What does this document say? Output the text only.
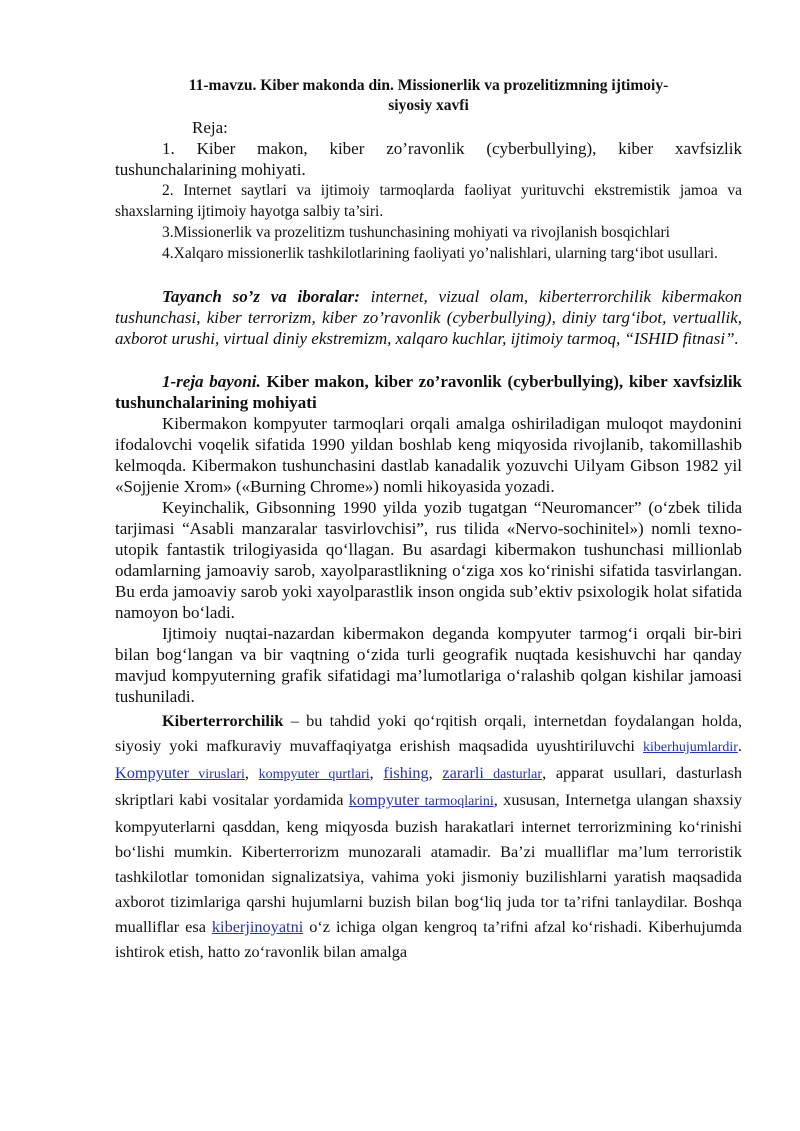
11-mavzu. Kiber makonda din. Missionerlik va prozelitizmning ijtimoiy-
siyosiy xavfi
Reja:

1. Kiber makon, kiber zo’ravonlik (cyberbullying), kiber xavfsizlik tushunchalarining mohiyati.

2. Internet saytlari va ijtimoiy tarmoqlarda faoliyat yurituvchi ekstremistik jamoa va shaxslarning ijtimoiy hayotga salbiy ta’siri.

3.Missionerlik va prozelitizm tushunchasining mohiyati va rivojlanish bosqichlari

4.Xalqaro missionerlik tashkilotlarining faoliyati yo’nalishlari, ularning targ‘ibot usullari.

Tayanch so’z va iboralar: internet, vizual olam, kiberterrorchilik kibermakon tushunchasi, kiber terrorizm, kiber zo’ravonlik (cyberbullying), diniy targ‘ibot, vertuallik, axborot urushi, virtual diniy ekstremizm, xalqaro kuchlar, ijtimoiy tarmoq, “ISHID fitnasi”.

1-reja bayoni. Kiber makon, kiber zo’ravonlik (cyberbullying), kiber xavfsizlik tushunchalarining mohiyati

Kibermakon kompyuter tarmoqlari orqali amalga oshiriladigan muloqot maydonini ifodalovchi voqelik sifatida 1990 yildan boshlab keng miqyosida rivojlanib, takomillashib kelmoqda. Kibermakon tushunchasini dastlab kanadalik yozuvchi Uilyam Gibson 1982 yil «Sojjenie Xrom» («Burning Chrome») nomli hikoyasida yozadi.

Keyinchalik, Gibsonning 1990 yilda yozib tugatgan “Neuromancer” (o‘zbek tilida tarjimasi “Asabli manzaralar tasvirlovchisi”, rus tilida «Nervo-sochinitel») nomli texno-utopik fantastik trilogiyasida qo‘llagan. Bu asardagi kibermakon tushunchasi millionlab odamlarning jamoaviy sarob, xayolparastlikning o‘ziga xos ko‘rinishi sifatida tasvirlangan. Bu erda jamoaviy sarob yoki xayolparastlik inson ongida sub’ektiv psixologik holat sifatida namoyon bo‘ladi.

Ijtimoiy nuqtai-nazardan kibermakon deganda kompyuter tarmog‘i orqali bir-biri bilan bog‘langan va bir vaqtning o‘zida turli geografik nuqtada kesishuvchi har qanday mavjud kompyuterning grafik sifatidagi ma’lumotlariga o‘ralashib qolgan kishilar jamoasi tushuniladi.

Kiberterrorchilik – bu tahdid yoki qo‘rqitish orqali, internetdan foydalangan holda, siyosiy yoki mafkuraviy muvaffaqiyatga erishish maqsadida uyushtiriluvchi kiberhujumlardir. Kompyuter viruslari, kompyuter qurtlari, fishing, zararli dasturlar, apparat usullari, dasturlash skriptlari kabi vositalar yordamida kompyuter tarmoqlarini, xususan, Internetga ulangan shaxsiy kompyuterlarni qasddan, keng miqyosda buzish harakatlari internet terrorizmining ko‘rinishi bo‘lishi mumkin. Kiberterrorizm munozarali atamadir. Ba’zi mualliflar ma’lum terroristik tashkilotlar tomonidan signalizatsiya, vahima yoki jismoniy buzilishlarni yaratish maqsadida axborot tizimlariga qarshi hujumlarni buzish bilan bog‘liq juda tor ta’rifni tanlaydilar. Boshqa mualliflar esa kiberjinoyatni o‘z ichiga olgan kengroq ta’rifni afzal ko‘rishadi. Kiberhujumda ishtirok etish, hatto zo‘ravonlik bilan amalga
